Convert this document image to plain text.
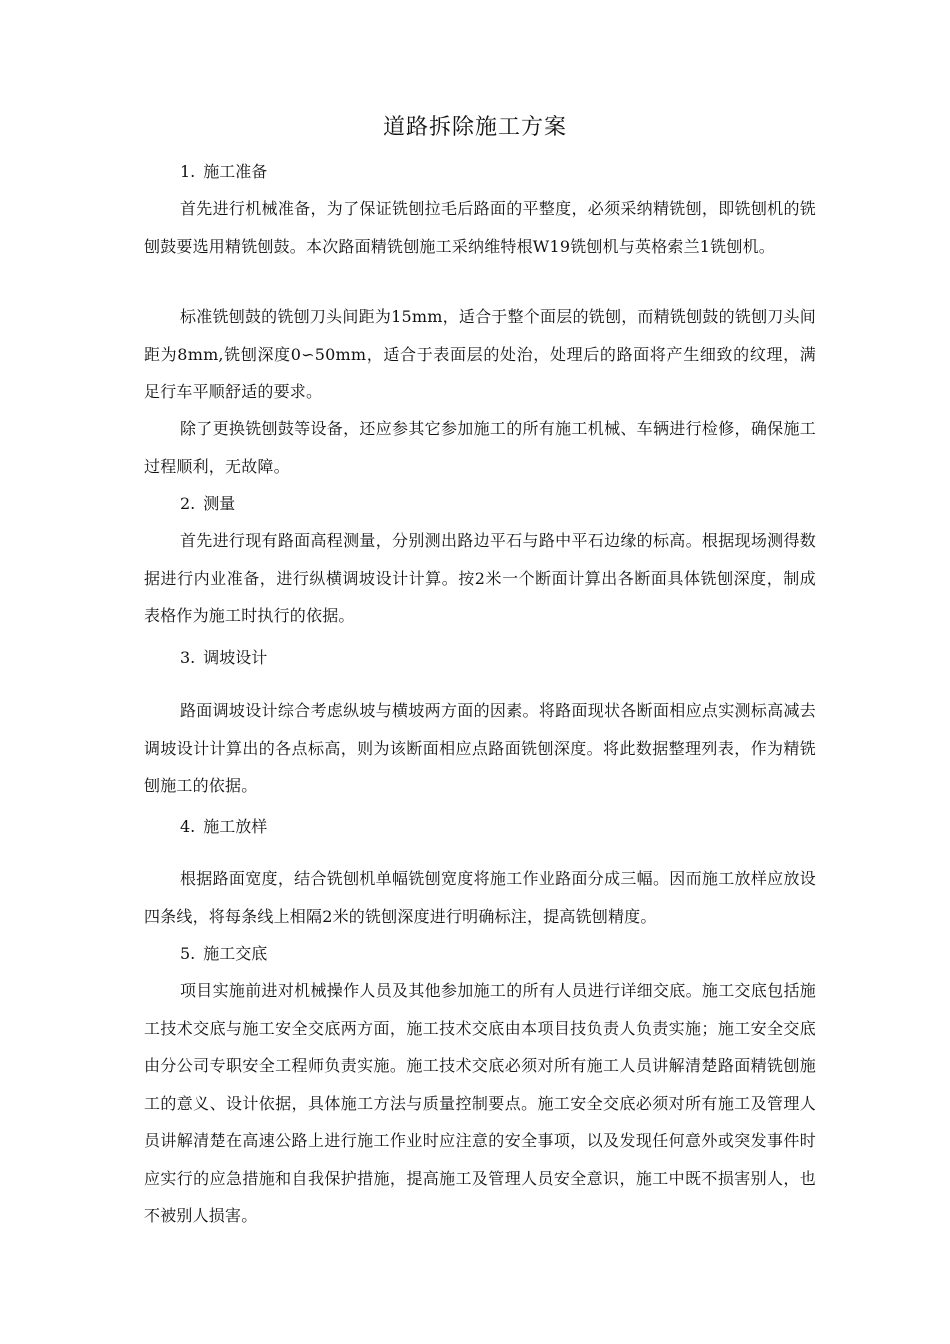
道路拆除施工方案
1. 施工准备
首先进行机械准备，为了保证铣刨拉毛后路面的平整度，必须采纳精铣刨，即铣刨机的铣刨鼓要选用精铣刨鼓。本次路面精铣刨施工采纳维特根W19铣刨机与英格索兰1铣刨机。
标准铣刨鼓的铣刨刀头间距为15mm，适合于整个面层的铣刨，而精铣刨鼓的铣刨刀头间距为8mm,铣刨深度0∽50mm，适合于表面层的处治，处理后的路面将产生细致的纹理，满足行车平顺舒适的要求。
除了更换铣刨鼓等设备，还应参其它参加施工的所有施工机械、车辆进行检修，确保施工过程顺利，无故障。
2. 测量
首先进行现有路面高程测量，分别测出路边平石与路中平石边缘的标高。根据现场测得数据进行内业准备，进行纵横调坡设计计算。按2米一个断面计算出各断面具体铣刨深度，制成表格作为施工时执行的依据。
3. 调坡设计
路面调坡设计综合考虑纵坡与横坡两方面的因素。将路面现状各断面相应点实测标高减去调坡设计计算出的各点标高，则为该断面相应点路面铣刨深度。将此数据整理列表，作为精铣刨施工的依据。
4. 施工放样
根据路面宽度，结合铣刨机单幅铣刨宽度将施工作业路面分成三幅。因而施工放样应放设四条线，将每条线上相隔2米的铣刨深度进行明确标注，提高铣刨精度。
5. 施工交底
项目实施前进对机械操作人员及其他参加施工的所有人员进行详细交底。施工交底包括施工技术交底与施工安全交底两方面，施工技术交底由本项目技负责人负责实施；施工安全交底由分公司专职安全工程师负责实施。施工技术交底必须对所有施工人员讲解清楚路面精铣刨施工的意义、设计依据，具体施工方法与质量控制要点。施工安全交底必须对所有施工及管理人员讲解清楚在高速公路上进行施工作业时应注意的安全事项，以及发现任何意外或突发事件时应实行的应急措施和自我保护措施，提高施工及管理人员安全意识，施工中既不损害别人，也不被别人损害。
